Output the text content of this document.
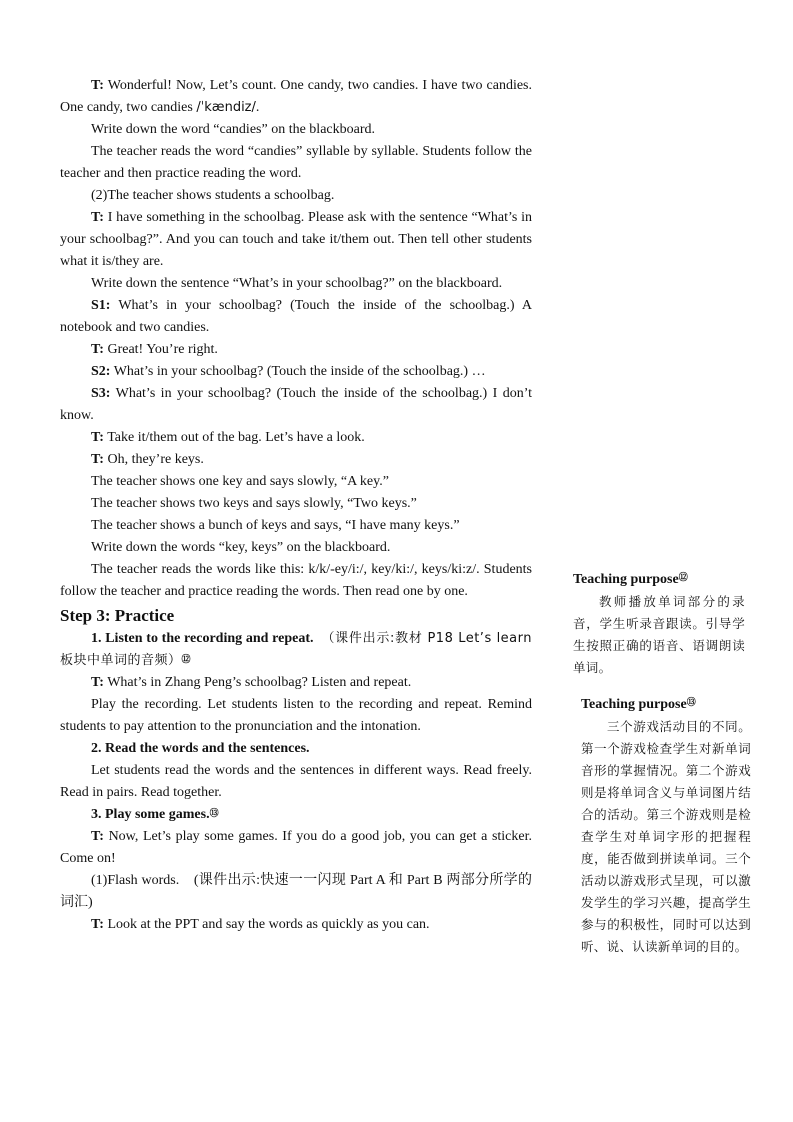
T: Wonderful! Now, Let’s count. One candy, two candies. I have two candies. One candy, two candies /ˈkændiz/.

Write down the word “candies” on the blackboard.

The teacher reads the word “candies” syllable by syllable. Students follow the teacher and then practice reading the word.

(2)The teacher shows students a schoolbag.

T: I have something in the schoolbag. Please ask with the sentence “What’s in your schoolbag?”. And you can touch and take it/them out. Then tell other students what it is/they are.

Write down the sentence “What’s in your schoolbag?” on the blackboard.

S1: What’s in your schoolbag? (Touch the inside of the schoolbag.) A notebook and two candies.

T: Great! You’re right.

S2: What’s in your schoolbag? (Touch the inside of the schoolbag.) …

S3: What’s in your schoolbag? (Touch the inside of the schoolbag.) I don’t know.

T: Take it/them out of the bag. Let’s have a look.

T: Oh, they’re keys.

The teacher shows one key and says slowly, “A key.”

The teacher shows two keys and says slowly, “Two keys.”

The teacher shows a bunch of keys and says, “I have many keys.”

Write down the words “key, keys” on the blackboard.

The teacher reads the words like this: k/k/-ey/i:/, key/ki:/, keys/ki:z/. Students follow the teacher and practice reading the words. Then read one by one.

Step 3: Practice

1. Listen to the recording and repeat.　 （课件出示:教材 P18 Let’s learn 板块中单词的音频）⑫

T: What’s in Zhang Peng’s schoolbag? Listen and repeat.

Play the recording. Let students listen to the recording and repeat. Remind students to pay attention to the pronunciation and the intonation.

2. Read the words and the sentences.

Let students read the words and the sentences in different ways. Read freely. Read in pairs. Read together.

3. Play some games.⑬

T: Now, Let’s play some games. If you do a good job, you can get a sticker. Come on!

(1)Flash words.　(课件出示:快速一一闪现 Part A 和 Part B 两部分所学的词汇)

T: Look at the PPT and say the words as quickly as you can.

Teaching purpose⑫

教师播放单词部分的录音，学生听录音跟读。引导学生按照正确的语音、语调朗读单词。

Teaching purpose⑬

三个游戏活动目的不同。第一个游戏检查学生对新单词音形的掌握情况。第二个游戏则是将单词含义与单词图片结合的活动。第三个游戏则是检查学生对单词字形的把握程度，能否做到拼读单词。三个活动以游戏形式呈现，可以激发学生的学习兴趣，提高学生参与的积极性，同时可以达到听、说、认读新单词的目的。
